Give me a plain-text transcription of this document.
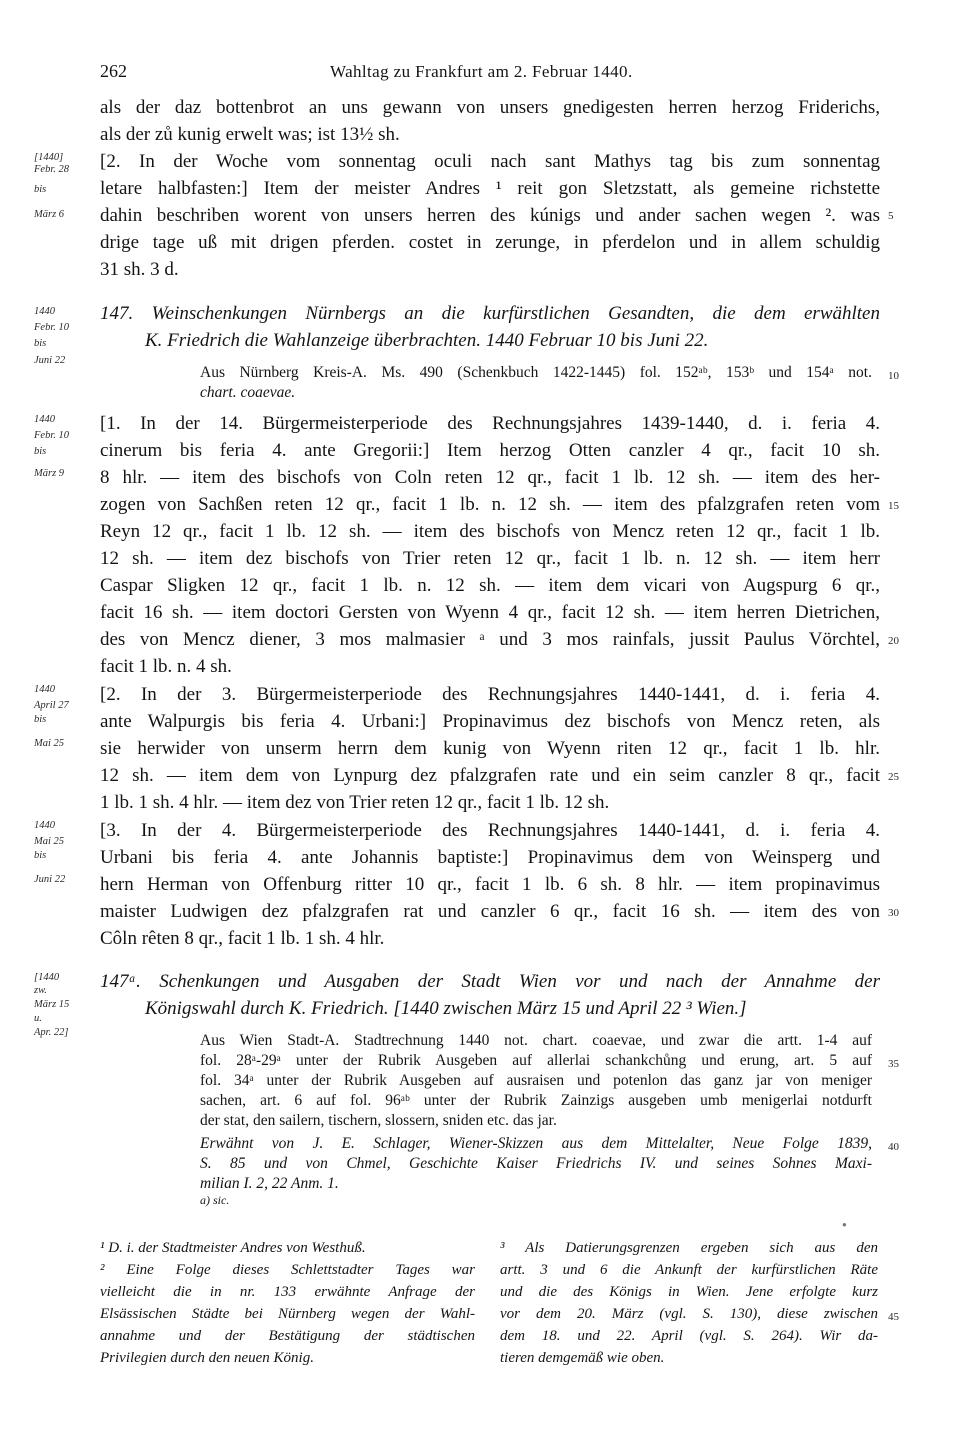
262	Wahltag zu Frankfurt am 2. Februar 1440.
als der daz bottenbrot an uns gewann von unsers gnedigesten herren herzog Friderichs,
als der zů kunig erwelt was; ist 13½ sh.
[2. In der Woche vom sonnentag oculi nach sant Mathys tag bis zum sonnentag
letare halbfasten:] Item der meister Andres ¹ reit gon Sletzstatt, als gemeine richstette
dahin beschriben worent von unsers herren des kúnigs und ander sachen wegen ². was
drige tage uß mit drigen pferden. costet in zerunge, in pferdelon und in allem schuldig
31 sh. 3 d.
147. Weinschenkungen Nürnbergs an die kurfürstlichen Gesandten, die dem erwählten
K. Friedrich die Wahlanzeige überbrachten. 1440 Februar 10 bis Juni 22.
Aus Nürnberg Kreis-A. Ms. 490 (Schenkbuch 1422-1445) fol. 152ᵃᵇ, 153ᵇ und 154ᵃ not.
chart. coaevae.
[1. In der 14. Bürgermeisterperiode des Rechnungsjahres 1439-1440, d. i. feria 4.
cinerum bis feria 4. ante Gregorii:] Item herzog Otten canzler 4 qr., facit 10 sh.
8 hlr. — item des bischofs von Coln reten 12 qr., facit 1 lb. 12 sh. — item des her-
zogen von Sachßen reten 12 qr., facit 1 lb. n. 12 sh. — item des pfalzgrafen reten vom
Reyn 12 qr., facit 1 lb. 12 sh. — item des bischofs von Mencz reten 12 qr., facit 1 lb.
12 sh. — item dez bischofs von Trier reten 12 qr., facit 1 lb. n. 12 sh. — item herr
Caspar Sligken 12 qr., facit 1 lb. n. 12 sh. — item dem vicari von Augspurg 6 qr.,
facit 16 sh. — item doctori Gersten von Wyenn 4 qr., facit 12 sh. — item herren Dietrichen,
des von Mencz diener, 3 mos malmasier ᵃ und 3 mos rainfals, jussit Paulus Vörchtel,
facit 1 lb. n. 4 sh.
[2. In der 3. Bürgermeisterperiode des Rechnungsjahres 1440-1441, d. i. feria 4.
ante Walpurgis bis feria 4. Urbani:] Propinavimus dez bischofs von Mencz reten, als
sie herwider von unserm herrn dem kunig von Wyenn riten 12 qr., facit 1 lb. hlr.
12 sh. — item dem von Lynpurg dez pfalzgrafen rate und ein seim canzler 8 qr., facit
1 lb. 1 sh. 4 hlr. — item dez von Trier reten 12 qr., facit 1 lb. 12 sh.
[3. In der 4. Bürgermeisterperiode des Rechnungsjahres 1440-1441, d. i. feria 4.
Urbani bis feria 4. ante Johannis baptiste:] Propinavimus dem von Weinsperg und
hern Herman von Offenburg ritter 10 qr., facit 1 lb. 6 sh. 8 hlr. — item propinavimus
maister Ludwigen dez pfalzgrafen rat und canzler 6 qr., facit 16 sh. — item des von
Côln rêten 8 qr., facit 1 lb. 1 sh. 4 hlr.
147ᵃ. Schenkungen und Ausgaben der Stadt Wien vor und nach der Annahme der
Königswahl durch K. Friedrich. [1440 zwischen März 15 und April 22 ³ Wien.]
Aus Wien Stadt-A. Stadtrechnung 1440 not. chart. coaevae, und zwar die artt. 1-4 auf
fol. 28ᵃ-29ᵃ unter der Rubrik Ausgeben auf allerlai schankchůng und erung, art. 5 auf
fol. 34ᵃ unter der Rubrik Ausgeben auf ausraisen und potenlon das ganz jar von meniger
sachen, art. 6 auf fol. 96ᵃᵇ unter der Rubrik Zainzigs ausgeben umb menigerlai notdurft
der stat, den sailern, tischern, slossern, sniden etc. das jar.
Erwähnt von J. E. Schlager, Wiener-Skizzen aus dem Mittelalter, Neue Folge 1839,
S. 85 und von Chmel, Geschichte Kaiser Friedrichs IV. und seines Sohnes Maxi-
milian I. 2, 22 Anm. 1.
[1440]
Febr. 28
bis
März 6
1440
Febr. 10
bis
Juni 22
1440
Febr. 10
bis
März 9
1440
April 27
bis
Mai 25
1440
Mai 25
bis
Juni 22
[1440
zw.
März 15
u.
Apr. 22]
5
10
15
20
25
30
35
40
45
a) sic.
●
¹ D. i. der Stadtmeister Andres von Westhuß.
² Eine Folge dieses Schlettstadter Tages war
vielleicht die in nr. 133 erwähnte Anfrage der
Elsässischen Städte bei Nürnberg wegen der Wahl-
annahme und der Bestätigung der städtischen
Privilegien durch den neuen König.
³ Als Datierungsgrenzen ergeben sich aus den
artt. 3 und 6 die Ankunft der kurfürstlichen Räte
und die des Königs in Wien. Jene erfolgte kurz
vor dem 20. März (vgl. S. 130), diese zwischen
dem 18. und 22. April (vgl. S. 264). Wir da-
tieren demgemäß wie oben.
